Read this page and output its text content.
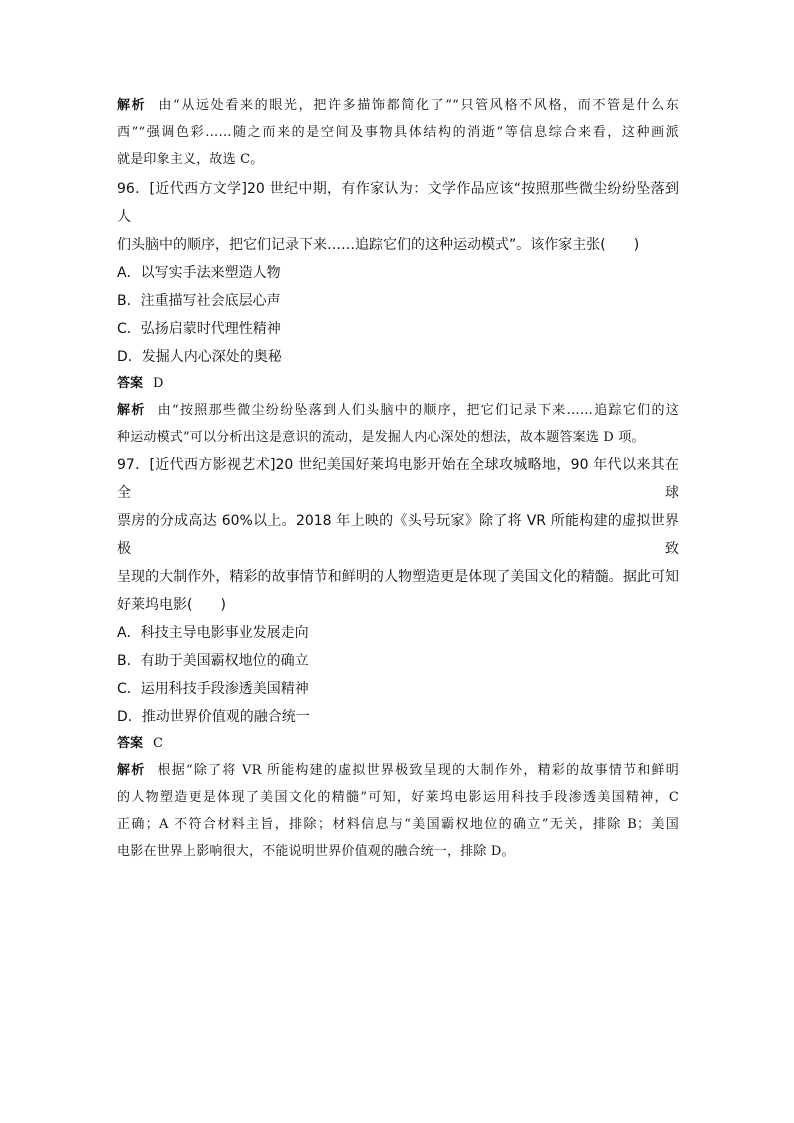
解析 由“从远处看来的眼光，把许多描饰都简化了”“只管风格不风格，而不管是什么东
西”“强调色彩……随之而来的是空间及事物具体结构的消逝”等信息综合来看，这种画派
就是印象主义，故选 C。
96．[近代西方文学]20 世纪中期，有作家认为：文学作品应该“按照那些微尘纷纷坠落到人
们头脑中的顺序，把它们记录下来……追踪它们的这种运动模式”。该作家主张(　　)
A．以写实手法来塑造人物
B．注重描写社会底层心声
C．弘扬启蒙时代理性精神
D．发掘人内心深处的奥秘
答案 D
解析 由“按照那些微尘纷纷坠落到人们头脑中的顺序，把它们记录下来……追踪它们的这
种运动模式”可以分析出这是意识的流动，是发掘人内心深处的想法，故本题答案选 D 项。
97．[近代西方影视艺术]20 世纪美国好莱坞电影开始在全球攻城略地，90 年代以来其在全球
票房的分成高达 60%以上。2018 年上映的《头号玩家》除了将 VR 所能构建的虚拟世界极致
呈现的大制作外，精彩的故事情节和鲜明的人物塑造更是体现了美国文化的精髓。据此可知
好莱坞电影(　　)
A．科技主导电影事业发展走向
B．有助于美国霸权地位的确立
C．运用科技手段渗透美国精神
D．推动世界价值观的融合统一
答案 C
解析 根据“除了将 VR 所能构建的虚拟世界极致呈现的大制作外，精彩的故事情节和鲜明
的人物塑造更是体现了美国文化的精髓”可知，好莱坞电影运用科技手段渗透美国精神，C
正确；A 不符合材料主旨，排除；材料信息与“美国霸权地位的确立”无关，排除 B；美国
电影在世界上影响很大，不能说明世界价值观的融合统一，排除 D。
